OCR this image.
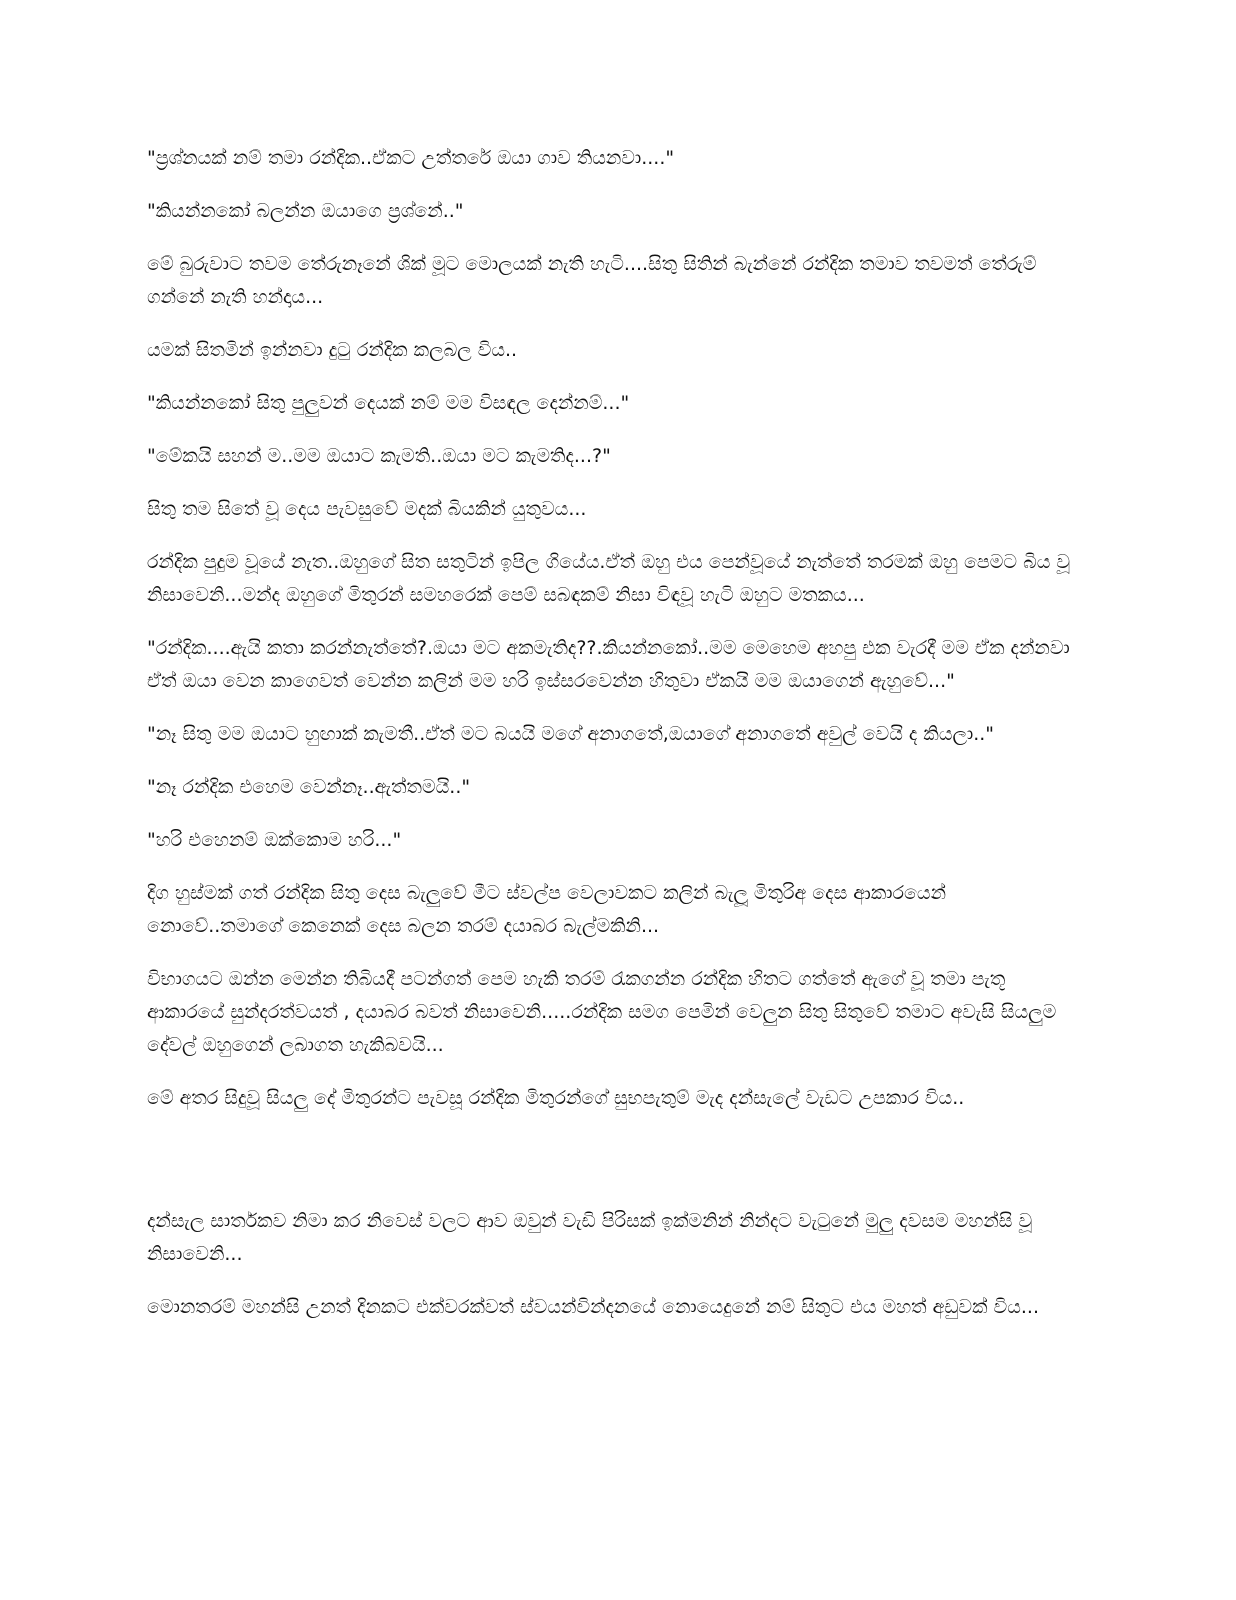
"ප්‍රශ්නයක් නම් තමා රන්දික..ඒකට උත්තරේ ඔයා ගාව තියනවා...."

"කියන්නකෝ බලන්න ඔයාගෙ ප්‍රශ්නේ.."

මේ බුරුවාට තවම තේරුනෑනේ ශික් මූට මොලයක් නැති හැටි....සිතු සිතින් බැන්නේ රන්දික තමාව තවමත් තේරුම් ගන්නේ නැති හන්දාය...

යමක් සිතමින් ඉන්නවා දුටු රන්දික කලබල විය..

"කියන්නකෝ සිතු පුලුවන් දෙයක් නම් මම විසඳල දෙන්නම්..."

"මේකයි සහන් ම..මම ඔයාට කැමති..ඔයා මට කැමතිද...?"

සිතු තම සිතේ වූ දෙය පැවසුවේ මදක් බියකින් යුතුවය...

රන්දික පුදුම වූයේ නැත..ඔහුගේ සිත සතුටින් ඉපිල ගියේය.ඒත් ඔහු එය පෙන්වූයේ නැත්තේ තරමක් ඔහු පෙමට බිය වූ නිසාවෙනි...මන්ද ඔහුගේ මිතුරන් සමහරෙක් පෙම් සබඳකම් නිසා විඳවූ හැටි ඔහුට මතකය...

"රන්දික....ඇයි කතා කරන්නැත්තේ?.ඔයා මට අකමැතිද??.කියන්නකෝ..මම මෙහෙම අහපු එක වැරදී මම ඒක දන්නවා ඒත් ඔයා වෙන කාගෙවත් වෙන්න කලින් මම හරි ඉස්සරවෙන්න හිතුවා ඒකයි මම ඔයාගෙන් ඇහුවේ..."

"නෑ සිතු මම ඔයාට හුඟාක් කැමතී..ඒත් මට බයයි මගේ අනාගතේ,ඔයාගේ අනාගතේ අවුල් වෙයි ද කියලා.."

"නෑ රන්දික එහෙම වෙන්නෑ..ඇත්තමයි.."

"හරි එහෙනම් ඔක්කොම හරි..."

දිග හුස්මක් ගත් රන්දික සිතු දෙස බැලුවේ මීට ස්වල්ප වෙලාවකට කලින් බැලූ මිතුරිඅ දෙස ආකාරයෙන් නොවේ..තමාගේ කෙනෙක් දෙස බලන තරම් දයාබර බැල්මකිනි...

විභාගයට ඔන්න මෙන්න තිබියදී පටන්ගත් පෙම හැකි තරම් රැකගන්න රන්දික හිතට ගත්තේ ඇගේ වූ තමා පැතූ ආකාරයේ සුන්දරත්වයත් , දයාබර බවත් නිසාවෙනි.....රන්දික සමග පෙමින් වෙලුන සිතු සිතුවේ තමාට අවැසි සියලුම දේවල් ඔහුගෙන් ලබාගත හැකිබවයි...

මේ අතර සිදුවූ සියලු දේ මිතුරන්ට පැවසූ රන්දික මිතුරන්ගේ සුභපැතුම් මැද දන්සැලේ වැඩට උපකාර විය..

දන්සැල සාර්තකව නිමා කර නිවෙස් වලට ආව ඔවුන් වැඩි පිරිසක් ඉක්මනින් නින්දට වැටුනේ මුලු දවසම මහන්සි වූ නිසාවෙනි...

මොනතරම් මහන්සි උනත් දිනකට එක්වරක්වත් ස්වයන්වින්දනයේ නොයෙදුනේ නම් සිතුට එය මහත් අඩුවක් විය...
